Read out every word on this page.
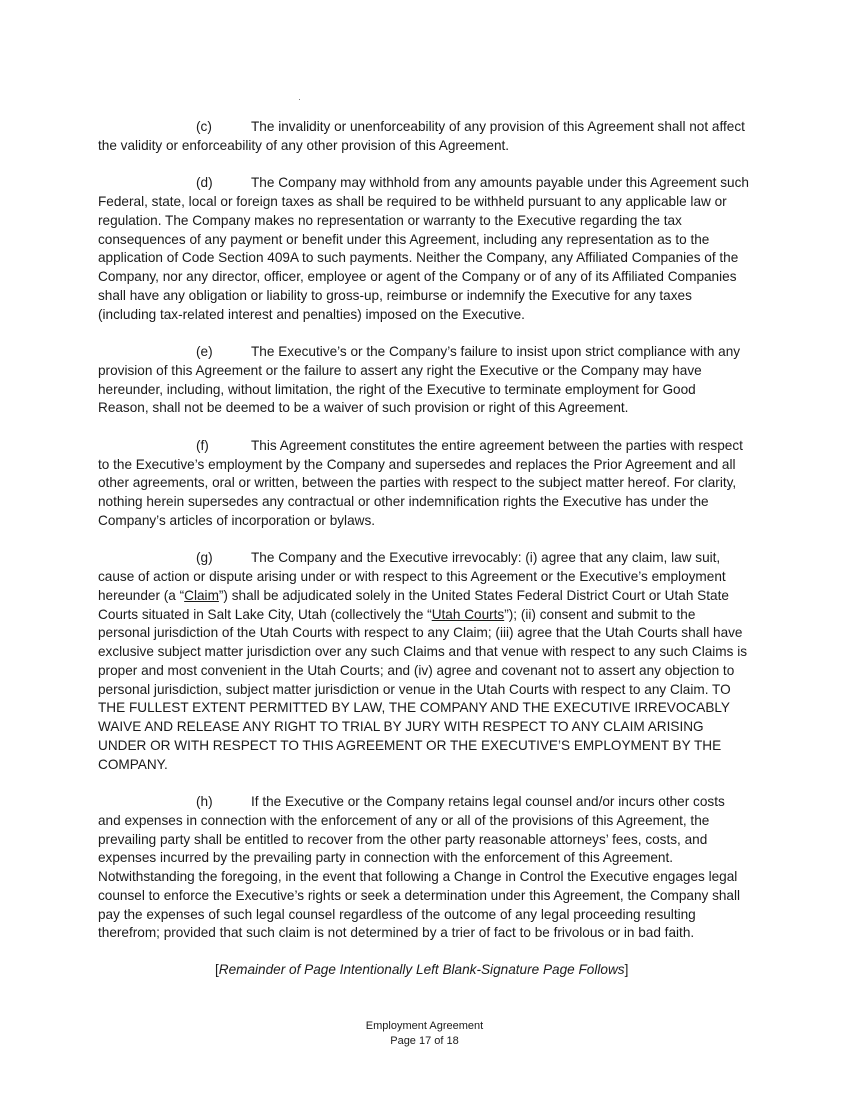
(c)	The invalidity or unenforceability of any provision of this Agreement shall not affect the validity or enforceability of any other provision of this Agreement.

(d)	The Company may withhold from any amounts payable under this Agreement such Federal, state, local or foreign taxes as shall be required to be withheld pursuant to any applicable law or regulation. The Company makes no representation or warranty to the Executive regarding the tax consequences of any payment or benefit under this Agreement, including any representation as to the application of Code Section 409A to such payments. Neither the Company, any Affiliated Companies of the Company, nor any director, officer, employee or agent of the Company or of any of its Affiliated Companies shall have any obligation or liability to gross-up, reimburse or indemnify the Executive for any taxes (including tax-related interest and penalties) imposed on the Executive.

(e)	The Executive’s or the Company’s failure to insist upon strict compliance with any provision of this Agreement or the failure to assert any right the Executive or the Company may have hereunder, including, without limitation, the right of the Executive to terminate employment for Good Reason, shall not be deemed to be a waiver of such provision or right of this Agreement.

(f)	This Agreement constitutes the entire agreement between the parties with respect to the Executive’s employment by the Company and supersedes and replaces the Prior Agreement and all other agreements, oral or written, between the parties with respect to the subject matter hereof. For clarity, nothing herein supersedes any contractual or other indemnification rights the Executive has under the Company’s articles of incorporation or bylaws.

(g)	The Company and the Executive irrevocably: (i) agree that any claim, law suit, cause of action or dispute arising under or with respect to this Agreement or the Executive’s employment hereunder (a “Claim”) shall be adjudicated solely in the United States Federal District Court or Utah State Courts situated in Salt Lake City, Utah (collectively the “Utah Courts”); (ii) consent and submit to the personal jurisdiction of the Utah Courts with respect to any Claim; (iii) agree that the Utah Courts shall have exclusive subject matter jurisdiction over any such Claims and that venue with respect to any such Claims is proper and most convenient in the Utah Courts; and (iv) agree and covenant not to assert any objection to personal jurisdiction, subject matter jurisdiction or venue in the Utah Courts with respect to any Claim. TO THE FULLEST EXTENT PERMITTED BY LAW, THE COMPANY AND THE EXECUTIVE IRREVOCABLY WAIVE AND RELEASE ANY RIGHT TO TRIAL BY JURY WITH RESPECT TO ANY CLAIM ARISING UNDER OR WITH RESPECT TO THIS AGREEMENT OR THE EXECUTIVE’S EMPLOYMENT BY THE COMPANY.

(h)	If the Executive or the Company retains legal counsel and/or incurs other costs and expenses in connection with the enforcement of any or all of the provisions of this Agreement, the prevailing party shall be entitled to recover from the other party reasonable attorneys’ fees, costs, and expenses incurred by the prevailing party in connection with the enforcement of this Agreement. Notwithstanding the foregoing, in the event that following a Change in Control the Executive engages legal counsel to enforce the Executive’s rights or seek a determination under this Agreement, the Company shall pay the expenses of such legal counsel regardless of the outcome of any legal proceeding resulting therefrom; provided that such claim is not determined by a trier of fact to be frivolous or in bad faith.

[Remainder of Page Intentionally Left Blank-Signature Page Follows]
Employment Agreement
Page 17 of 18
